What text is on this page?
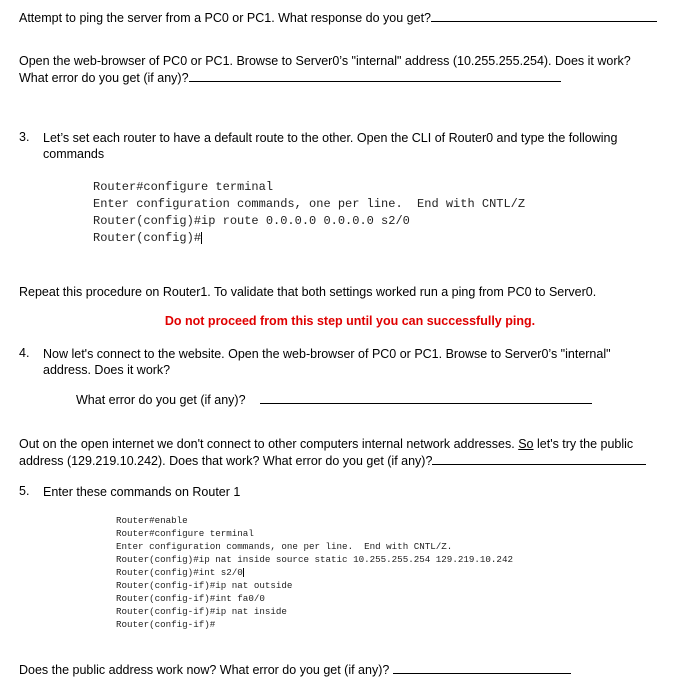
Attempt to ping the server from a PC0 or PC1. What response do you get?
Open the web-browser of PC0 or PC1. Browse to Server0’s "internal" address (10.255.255.254). Does it work?
What error do you get (if any)?
3. Let’s set each router to have a default route to the other. Open the CLI of Router0 and type the following
commands
Router#configure terminal
Enter configuration commands, one per line.  End with CNTL/Z
Router(config)#ip route 0.0.0.0 0.0.0.0 s2/0
Router(config)#
Repeat this procedure on Router1. To validate that both settings worked run a ping from PC0 to Server0.
Do not proceed from this step until you can successfully ping.
4. Now let's connect to the website. Open the web-browser of PC0 or PC1. Browse to Server0’s "internal"
address. Does it work?
What error do you get (if any)?
Out on the open internet we don't connect to other computers internal network addresses. So let's try the public
address (129.219.10.242). Does that work? What error do you get (if any)?
5. Enter these commands on Router 1
Router#enable
Router#configure terminal
Enter configuration commands, one per line.  End with CNTL/Z.
Router(config)#ip nat inside source static 10.255.255.254 129.219.10.242
Router(config)#int s2/0
Router(config-if)#ip nat outside
Router(config-if)#int fa0/0
Router(config-if)#ip nat inside
Router(config-if)#
Does the public address work now? What error do you get (if any)?
